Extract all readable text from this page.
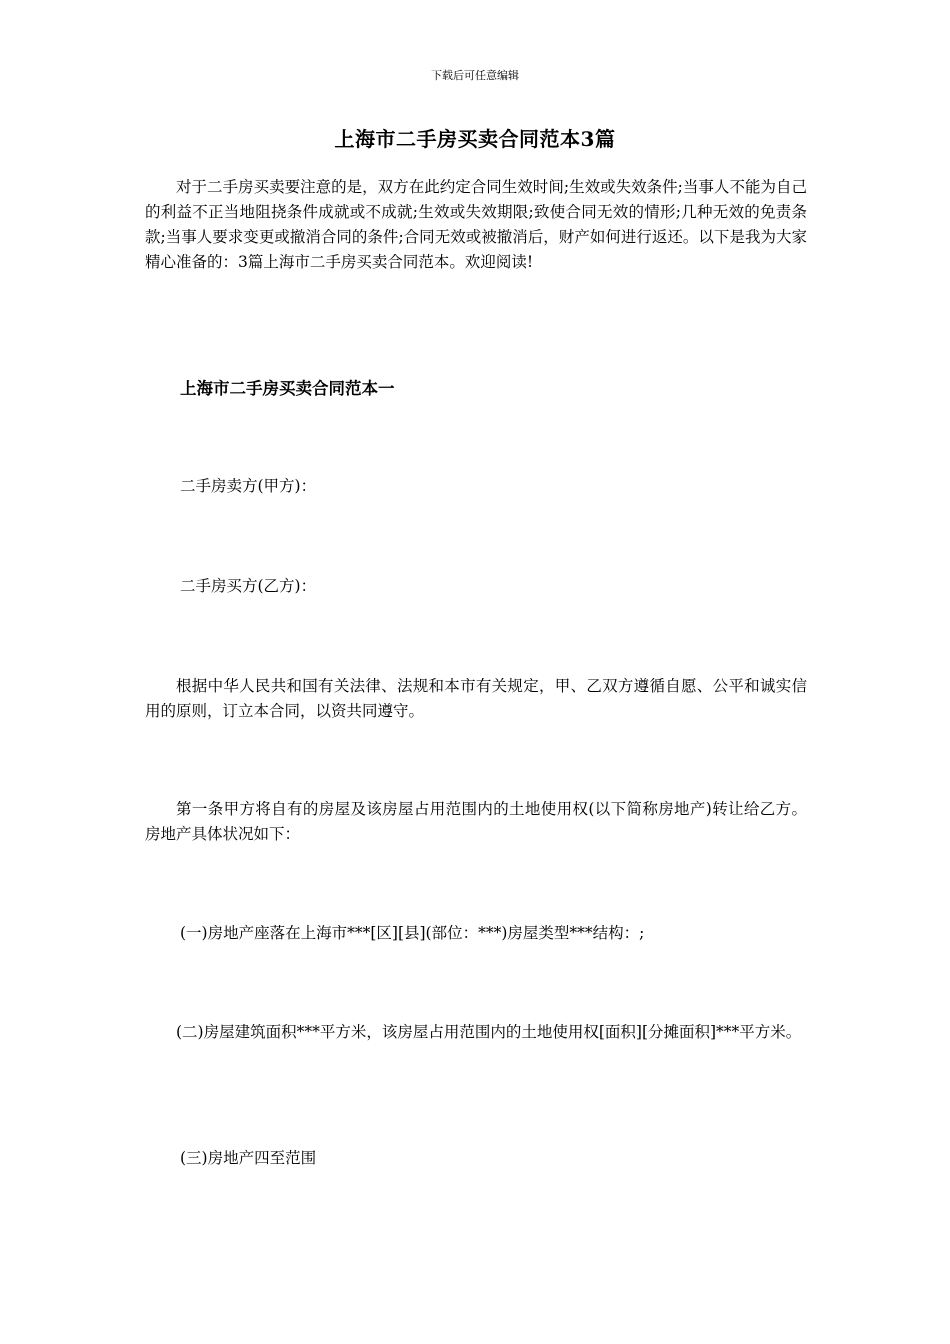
下载后可任意编辑
上海市二手房买卖合同范本3篇

对于二手房买卖要注意的是，双方在此约定合同生效时间;生效或失效条件;当事人不能为自己的利益不正当地阻挠条件成就或不成就;生效或失效期限;致使合同无效的情形;几种无效的免责条款;当事人要求变更或撤消合同的条件;合同无效或被撤消后，财产如何进行返还。以下是我为大家精心准备的：3篇上海市二手房买卖合同范本。欢迎阅读!

上海市二手房买卖合同范本一
二手房卖方(甲方)：
二手房买方(乙方)：

根据中华人民共和国有关法律、法规和本市有关规定，甲、乙双方遵循自愿、公平和诚实信用的原则，订立本合同，以资共同遵守。

第一条甲方将自有的房屋及该房屋占用范围内的土地使用权(以下简称房地产)转让给乙方。房地产具体状况如下：

(一)房地产座落在上海市***[区][县](部位：***)房屋类型***结构：;

(二)房屋建筑面积***平方米，该房屋占用范围内的土地使用权[面积][分摊面积]***平方米。

(三)房地产四至范围
